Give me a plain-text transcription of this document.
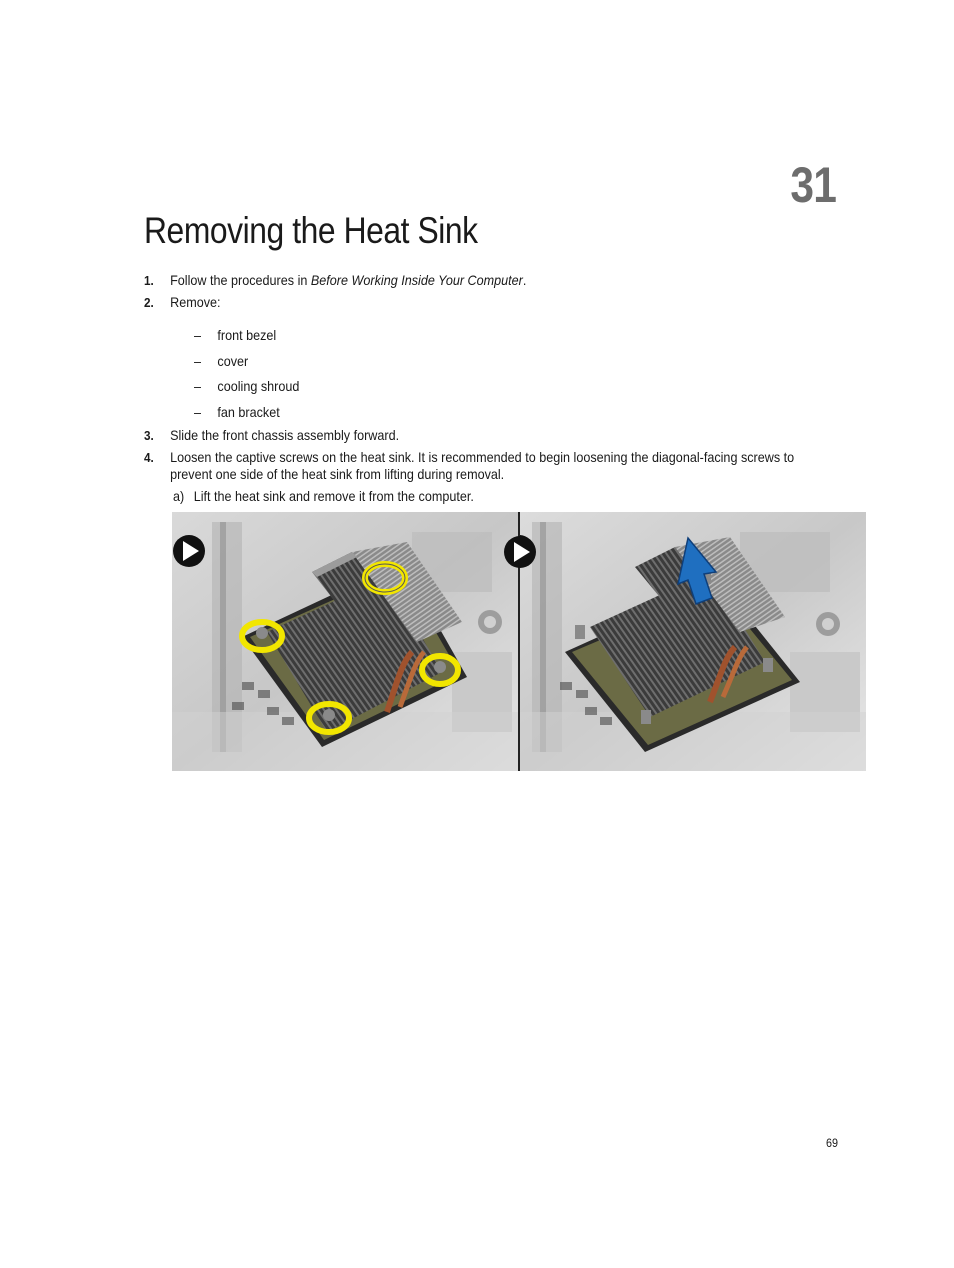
31
Removing the Heat Sink
1. Follow the procedures in Before Working Inside Your Computer.
2. Remove:
– front bezel
– cover
– cooling shroud
– fan bracket
3. Slide the front chassis assembly forward.
4. Loosen the captive screws on the heat sink. It is recommended to begin loosening the diagonal-facing screws to
prevent one side of the heat sink from lifting during removal.
a) Lift the heat sink and remove it from the computer.
69
